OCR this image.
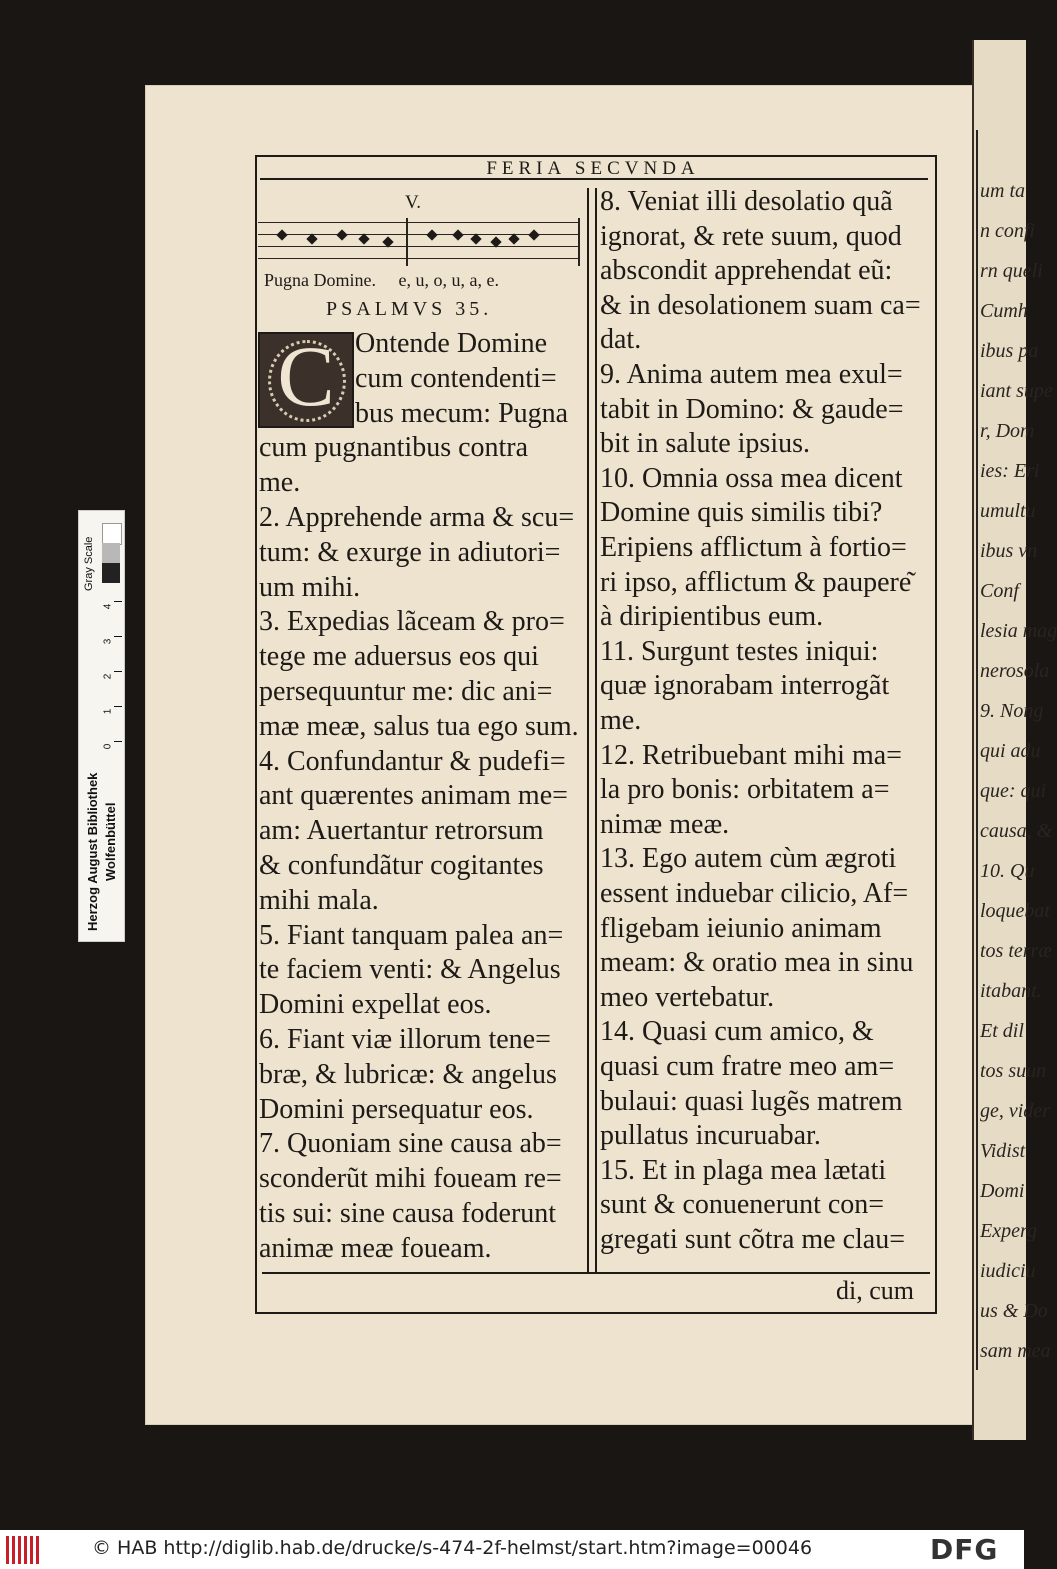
um ta
n confi
rn queli
Cumh
ibus pa
iant supe
r, Dom
ies: Eri
umultu
ibus vn
Conf
lesia mag
nerosola
9. Nong
qui adu
que: qui
causa, &
10. Qu
loquebat
tos terræ
itabant.
Et dil
tos suun
ge, vider
Vidist
Domi
Experg
iudiciu
us & Do
sam mea
FERIA SECVNDA
V.
Pugna Domine. e, u, o, u, a, e.
PSALMVS 35.
C Ontende Domine
cum contendenti=
bus mecum: Pugna
cum pugnantibus contra
me.
2. Apprehende arma & scu=
tum: & exurge in adiutori=
um mihi.
3. Expedias lãceam & pro=
tege me aduersus eos qui
persequuntur me: dic ani=
mæ meæ, salus tua ego sum.
4. Confundantur & pudefi=
ant quærentes animam me=
am: Auertantur retrorsum
& confundãtur cogitantes
mihi mala.
5. Fiant tanquam palea an=
te faciem venti: & Angelus
Domini expellat eos.
6. Fiant viæ illorum tene=
bræ, & lubricæ: & angelus
Domini persequatur eos.
7. Quoniam sine causa ab=
sconderũt mihi foueam re=
tis sui: sine causa foderunt
animæ meæ foueam.
8. Veniat illi desolatio quã
ignorat, & rete suum, quod
abscondit apprehendat eũ:
& in desolationem suam ca=
dat.
9. Anima autem mea exul=
tabit in Domino: & gaude=
bit in salute ipsius.
10. Omnia ossa mea dicent
Domine quis similis tibi?
Eripiens afflictum à fortio=
ri ipso, afflictum & paupere͂
à diripientibus eum.
11. Surgunt testes iniqui:
quæ ignorabam interrogãt
me.
12. Retribuebant mihi ma=
la pro bonis: orbitatem a=
nimæ meæ.
13. Ego autem cùm ægroti
essent induebar cilicio, Af=
fligebam ieiunio animam
meam: & oratio mea in sinu
meo vertebatur.
14. Quasi cum amico, &
quasi cum fratre meo am=
bulaui: quasi lugẽs matrem
pullatus incuruabar.
15. Et in plaga mea lætati
sunt & conuenerunt con=
gregati sunt cõtra me clau=
di, cum
Gray Scale
4
3
2
1
0
Herzog August Bibliothek Wolfenbüttel
© HAB http://diglib.hab.de/drucke/s-474-2f-helmst/start.htm?image=00046	DFG
